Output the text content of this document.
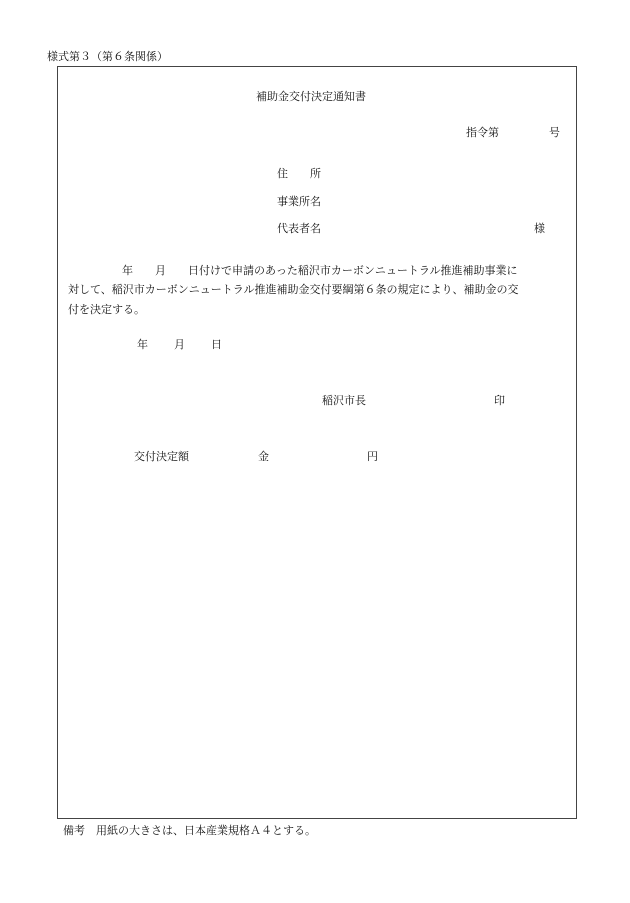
様式第３（第６条関係）
補助金交付決定通知書
指令第	号
住　　所
事業所名
代表者名	様
年　　月　　日付けで申請のあった稲沢市カーボンニュートラル推進補助事業に
対して、稲沢市カーボンニュートラル推進補助金交付要綱第６条の規定により、補助金の交
付を決定する。
年 月 日
稲沢市長	印
交付決定額	金	円
備考　用紙の大きさは、日本産業規格Ａ４とする。
